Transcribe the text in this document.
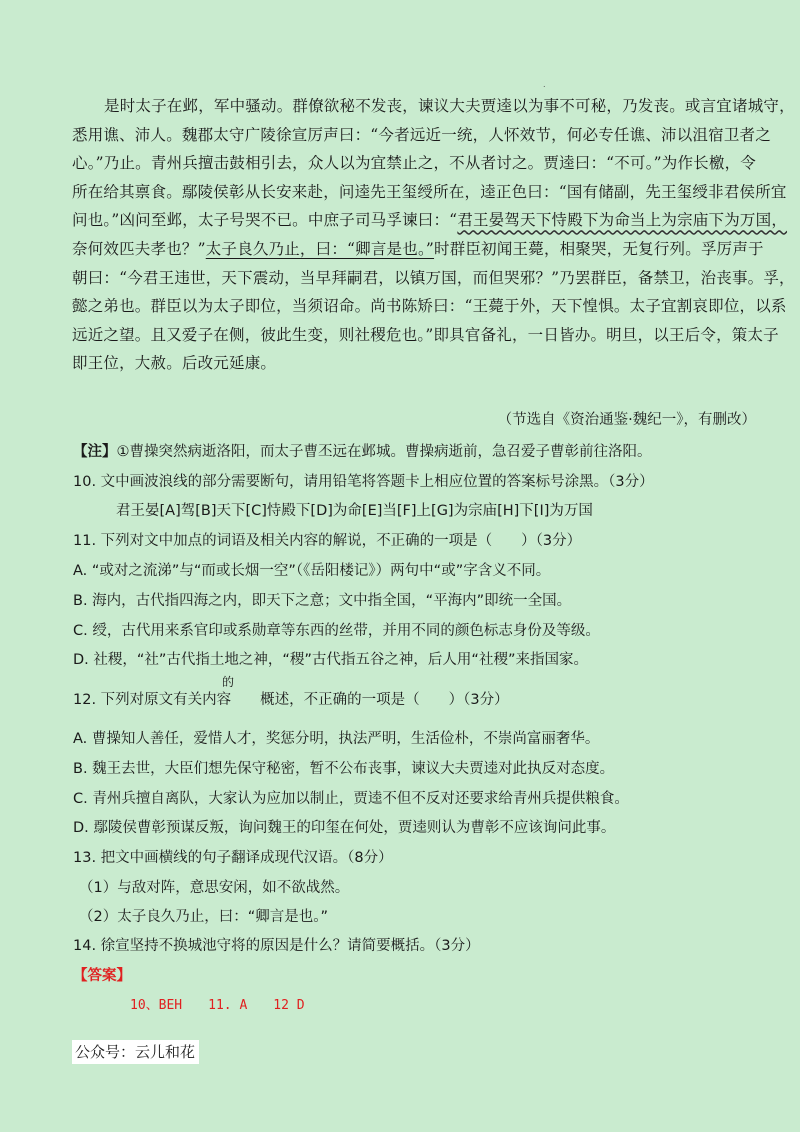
.
是时太子在邺，军中骚动。群僚欲秘不发丧，谏议大夫贾逵以为事不可秘，乃发丧。或言宜诸城守，
悉用谯、沛人。魏郡太守广陵徐宣厉声曰：“今者远近一统，人怀效节，何必专任谯、沛以沮宿卫者之
心。”乃止。青州兵擅击鼓相引去，众人以为宜禁止之，不从者讨之。贾逵曰：“不可。”为作长檄，令
所在给其禀食。鄢陵侯彰从长安来赴，问逵先王玺绶所在，逵正色曰：“国有储副，先王玺绶非君侯所宜
问也。”凶问至邺，太子号哭不已。中庶子司马孚谏曰：“君王晏驾天下恃殿下为命当上为宗庙下为万国，
奈何效匹夫孝也？”太子良久乃止，曰：“卿言是也。”时群臣初闻王薨，相聚哭，无复行列。孚厉声于
朝曰：“今君王违世，天下震动，当早拜嗣君，以镇万国，而但哭邪？”乃罢群臣，备禁卫，治丧事。孚，
懿之弟也。群臣以为太子即位，当须诏命。尚书陈矫曰：“王薨于外，天下惶惧。太子宜割哀即位，以系
远近之望。且又爱子在侧，彼此生变，则社稷危也。”即具官备礼，一日皆办。明旦，以王后令，策太子
即王位，大赦。后改元延康。
（节选自《资治通鉴·魏纪一》，有删改）
【注】①曹操突然病逝洛阳，而太子曹丕远在邺城。曹操病逝前，急召爱子曹彰前往洛阳。
10. 文中画波浪线的部分需要断句，请用铅笔将答题卡上相应位置的答案标号涂黑。（3分）
君王晏[A]驾[B]天下[C]恃殿下[D]为命[E]当[F]上[G]为宗庙[H]下[I]为万国
11. 下列对文中加点的词语及相关内容的解说，不正确的一项是（　　）（3分）
A. “或对之流涕”与“而或长烟一空”（《岳阳楼记》）两句中“或”字含义不同。
B. 海内，古代指四海之内，即天下之意；文中指全国，“平海内”即统一全国。
C. 绶，古代用来系官印或系勋章等东西的丝带，并用不同的颜色标志身份及等级。
D. 社稷，“社”古代指土地之神，“稷”古代指五谷之神，后人用“社稷”来指国家。
的
12. 下列对原文有关内容　　概述，不正确的一项是（　　）（3分）
A. 曹操知人善任，爱惜人才，奖惩分明，执法严明，生活俭朴，不崇尚富丽奢华。
B. 魏王去世，大臣们想先保守秘密，暂不公布丧事，谏议大夫贾逵对此执反对态度。
C. 青州兵擅自离队，大家认为应加以制止，贾逵不但不反对还要求给青州兵提供粮食。
D. 鄢陵侯曹彰预谋反叛，询问魏王的印玺在何处，贾逵则认为曹彰不应该询问此事。
13. 把文中画横线的句子翻译成现代汉语。（8分）
（1）与敌对阵，意思安闲，如不欲战然。
（2）太子良久乃止，曰：“卿言是也。”
14. 徐宣坚持不换城池守将的原因是什么？请简要概括。（3分）
【答案】
10、BEH　　11. A　　12 D
公众号：云儿和花
